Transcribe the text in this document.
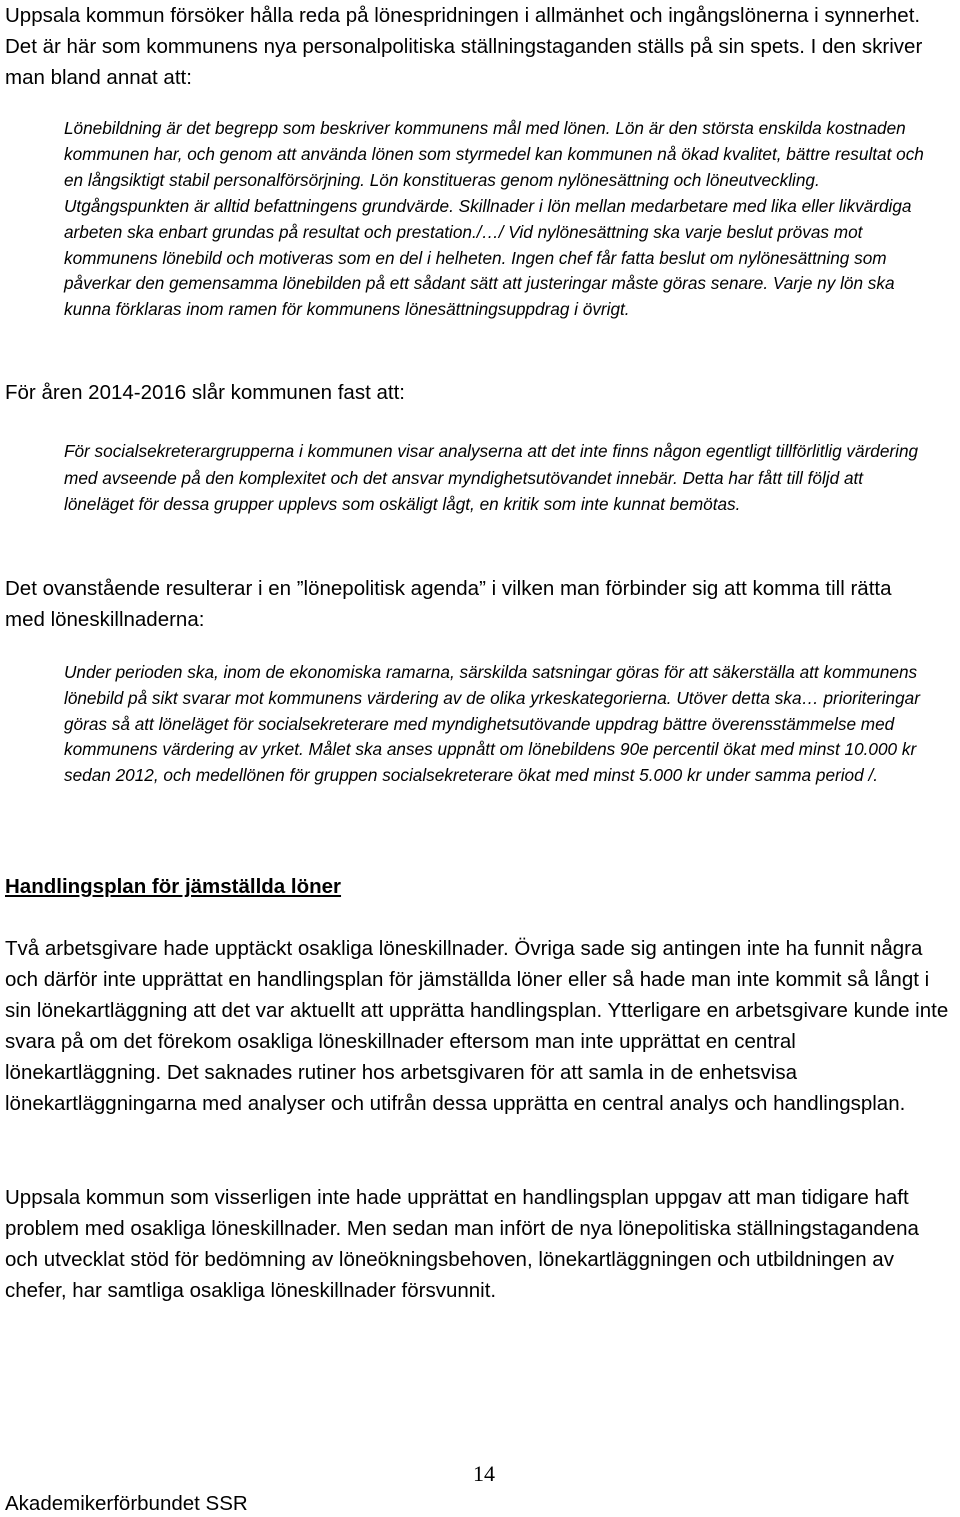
Uppsala kommun försöker hålla reda på lönespridningen i allmänhet och ingångslönerna i synnerhet. Det är här som kommunens nya personalpolitiska ställningstaganden ställs på sin spets. I den skriver man bland annat att:

Lönebildning är det begrepp som beskriver kommunens mål med lönen. Lön är den största enskilda kostnaden kommunen har, och genom att använda lönen som styrmedel kan kommunen nå ökad kvalitet, bättre resultat och en långsiktigt stabil personalförsörjning. Lön konstitueras genom nylönesättning och löneutveckling. Utgångspunkten är alltid befattningens grundvärde. Skillnader i lön mellan medarbetare med lika eller likvärdiga arbeten ska enbart grundas på resultat och prestation./…/ Vid nylönesättning ska varje beslut prövas mot kommunens lönebild och motiveras som en del i helheten. Ingen chef får fatta beslut om nylönesättning som påverkar den gemensamma lönebilden på ett sådant sätt att justeringar måste göras senare. Varje ny lön ska kunna förklaras inom ramen för kommunens lönesättningsuppdrag i övrigt.

För åren 2014-2016 slår kommunen fast att:

För socialsekreterargrupperna i kommunen visar analyserna att det inte finns någon egentligt tillförlitlig värdering med avseende på den komplexitet och det ansvar myndighetsutövandet innebär. Detta har fått till följd att löneläget för dessa grupper upplevs som oskäligt lågt, en kritik som inte kunnat bemötas.

Det ovanstående resulterar i en ”lönepolitisk agenda” i vilken man förbinder sig att komma till rätta med löneskillnaderna:

Under perioden ska, inom de ekonomiska ramarna, särskilda satsningar göras för att säkerställa att kommunens lönebild på sikt svarar mot kommunens värdering av de olika yrkeskategorierna. Utöver detta ska… prioriteringar göras så att löneläget för socialsekreterare med myndighetsutövande uppdrag bättre överensstämmelse med kommunens värdering av yrket. Målet ska anses uppnått om lönebildens 90e percentil ökat med minst 10.000 kr sedan 2012, och medellönen för gruppen socialsekreterare ökat med minst 5.000 kr under samma period /.

Handlingsplan för jämställda löner

Två arbetsgivare hade upptäckt osakliga löneskillnader. Övriga sade sig antingen inte ha funnit några och därför inte upprättat en handlingsplan för jämställda löner eller så hade man inte kommit så långt i sin lönekartläggning att det var aktuellt att upprätta handlingsplan. Ytterligare en arbetsgivare kunde inte svara på om det förekom osakliga löneskillnader eftersom man inte upprättat en central lönekartläggning. Det saknades rutiner hos arbetsgivaren för att samla in de enhetsvisa lönekartläggningarna med analyser och utifrån dessa upprätta en central analys och handlingsplan.

Uppsala kommun som visserligen inte hade upprättat en handlingsplan uppgav att man tidigare haft problem med osakliga löneskillnader. Men sedan man infört de nya lönepolitiska ställningstagandena och utvecklat stöd för bedömning av löneökningsbehoven, lönekartläggningen och utbildningen av chefer, har samtliga osakliga löneskillnader försvunnit.

14
Akademikerförbundet SSR
